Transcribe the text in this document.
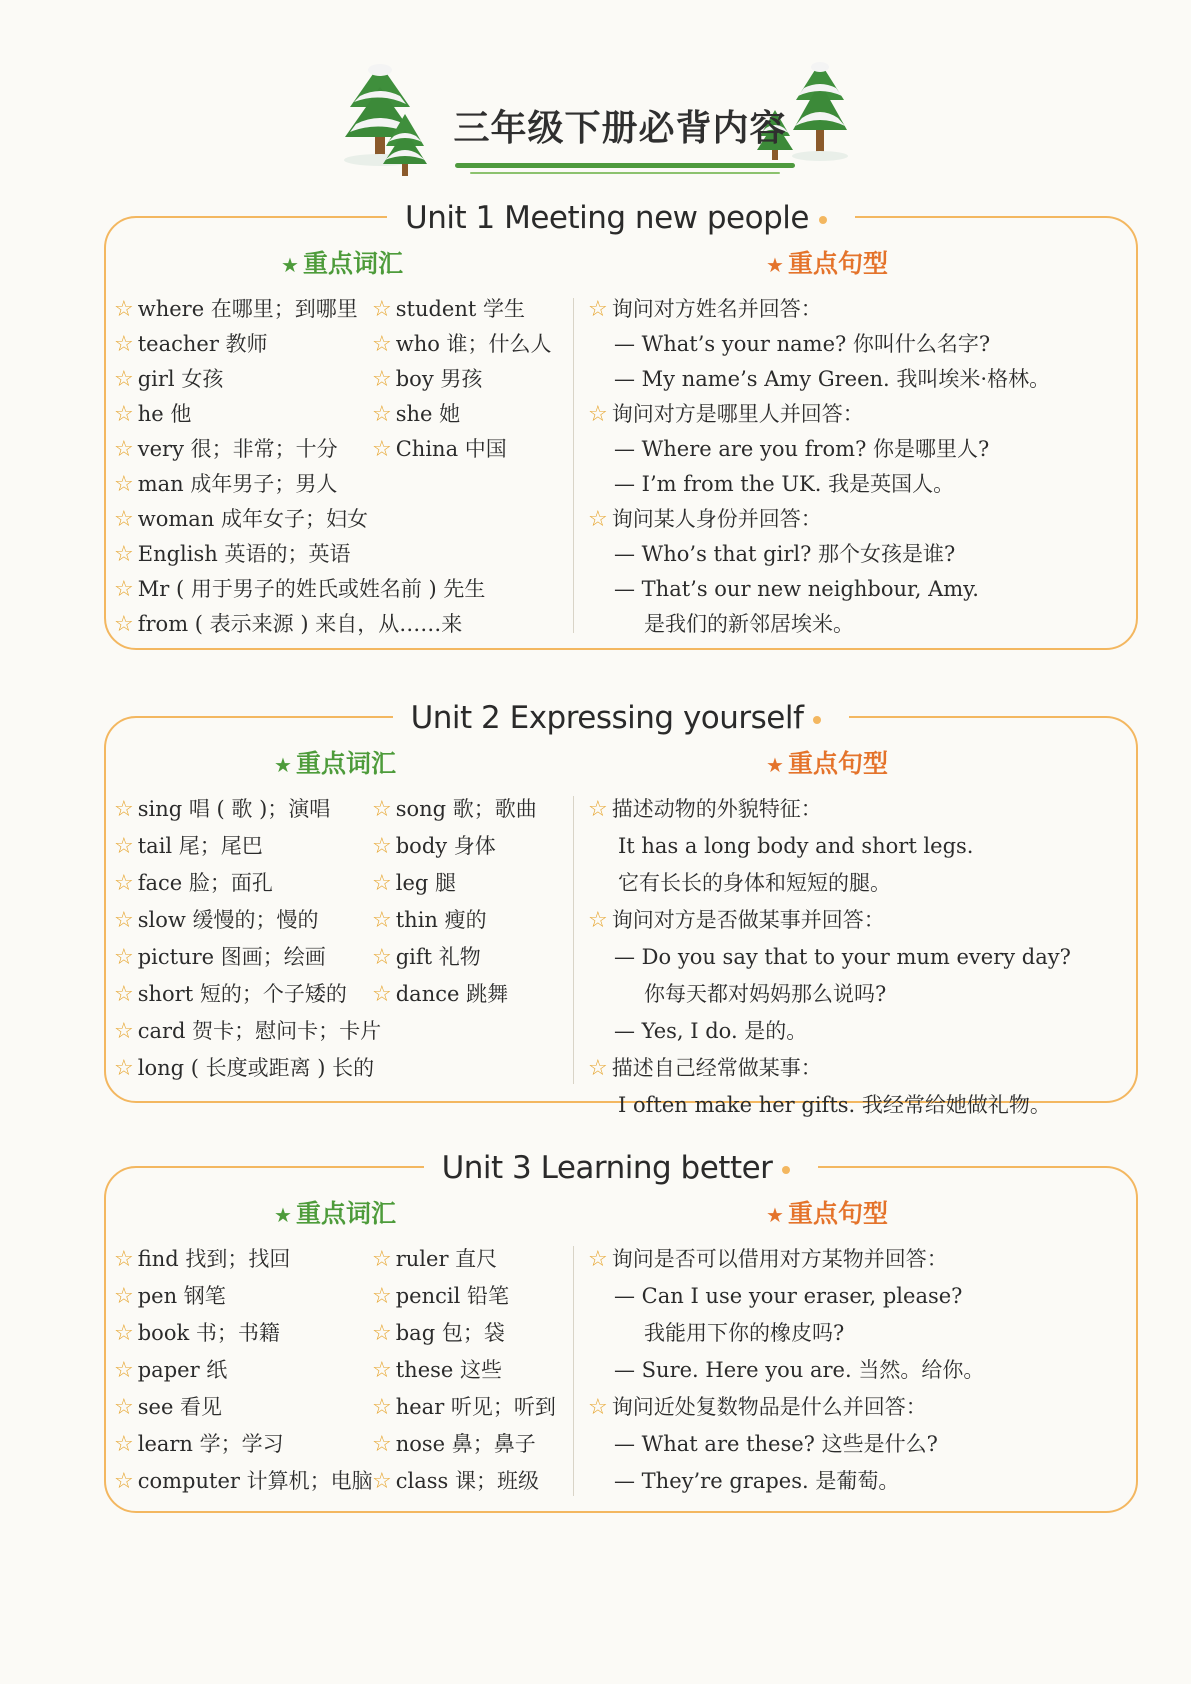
三年级下册必背内容
Unit 1 Meeting new people
★ 重点词汇	★ 重点句型
☆ where 在哪里；到哪里
☆ teacher 教师
☆ girl 女孩
☆ he 他
☆ very 很；非常；十分
☆ man 成年男子；男人
☆ woman 成年女子；妇女
☆ English 英语的；英语
☆ Mr ( 用于男子的姓氏或姓名前 ) 先生
☆ from ( 表示来源 ) 来自，从……来
☆ student 学生
☆ who 谁；什么人
☆ boy 男孩
☆ she 她
☆ China 中国
☆ 询问对方姓名并回答：
— What’s your name? 你叫什么名字?
— My name’s Amy Green. 我叫埃米·格林。
☆ 询问对方是哪里人并回答：
— Where are you from? 你是哪里人?
— I’m from the UK. 我是英国人。
☆ 询问某人身份并回答：
— Who’s that girl? 那个女孩是谁?
— That’s our new neighbour, Amy.
是我们的新邻居埃米。
Unit 2 Expressing yourself
★ 重点词汇	★ 重点句型
☆ sing 唱 ( 歌 )；演唱
☆ tail 尾；尾巴
☆ face 脸；面孔
☆ slow 缓慢的；慢的
☆ picture 图画；绘画
☆ short 短的；个子矮的
☆ card 贺卡；慰问卡；卡片
☆ long ( 长度或距离 ) 长的
☆ song 歌；歌曲
☆ body 身体
☆ leg 腿
☆ thin 瘦的
☆ gift 礼物
☆ dance 跳舞
☆ 描述动物的外貌特征：
It has a long body and short legs.
它有长长的身体和短短的腿。
☆ 询问对方是否做某事并回答：
— Do you say that to your mum every day?
你每天都对妈妈那么说吗?
— Yes, I do. 是的。
☆ 描述自己经常做某事：
I often make her gifts. 我经常给她做礼物。
Unit 3 Learning better
★ 重点词汇	★ 重点句型
☆ find 找到；找回
☆ pen 钢笔
☆ book 书；书籍
☆ paper 纸
☆ see 看见
☆ learn 学；学习
☆ computer 计算机；电脑
☆ ruler 直尺
☆ pencil 铅笔
☆ bag 包；袋
☆ these 这些
☆ hear 听见；听到
☆ nose 鼻；鼻子
☆ class 课；班级
☆ 询问是否可以借用对方某物并回答：
— Can I use your eraser, please?
我能用下你的橡皮吗?
— Sure. Here you are. 当然。给你。
☆ 询问近处复数物品是什么并回答：
— What are these? 这些是什么?
— They’re grapes. 是葡萄。
